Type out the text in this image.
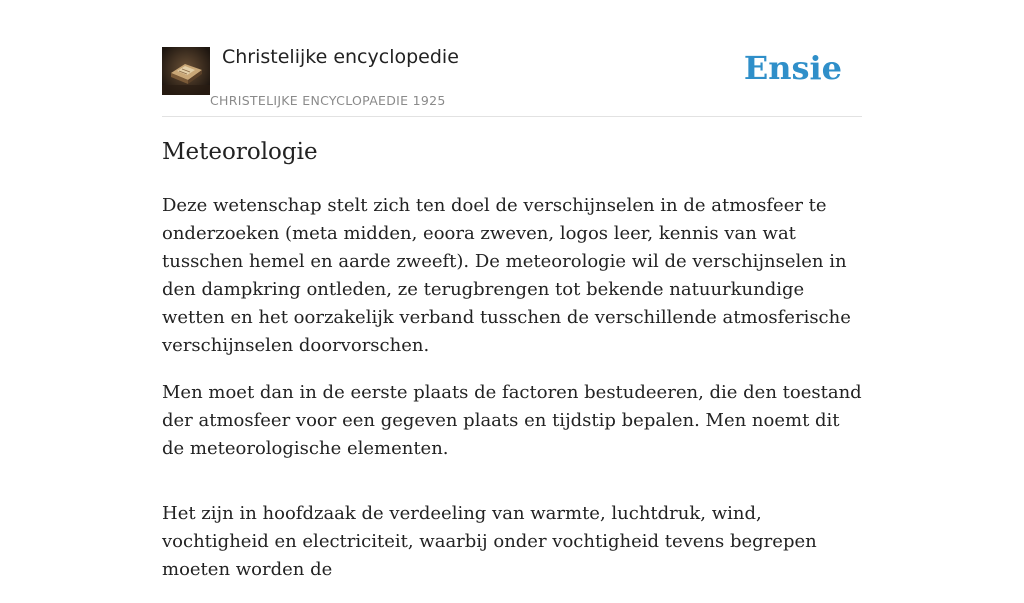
Christelijke encyclopedie
CHRISTELIJKE ENCYCLOPAEDIE 1925
Ensie
Meteorologie

Deze wetenschap stelt zich ten doel de verschijnselen in de atmosfeer te onderzoeken (meta midden, eoora zweven, logos leer, kennis van wat tusschen hemel en aarde zweeft). De meteorologie wil de verschijnselen in den dampkring ontleden, ze terugbrengen tot bekende natuurkundige wetten en het oorzakelijk verband tusschen de verschillende atmosferische verschijnselen doorvorschen.

Men moet dan in de eerste plaats de factoren bestudeeren, die den toestand der atmosfeer voor een gegeven plaats en tijdstip bepalen. Men noemt dit de meteorologische elementen.

Het zijn in hoofdzaak de verdeeling van warmte, luchtdruk, wind, vochtigheid en electriciteit, waarbij onder vochtigheid tevens begrepen moeten worden de
